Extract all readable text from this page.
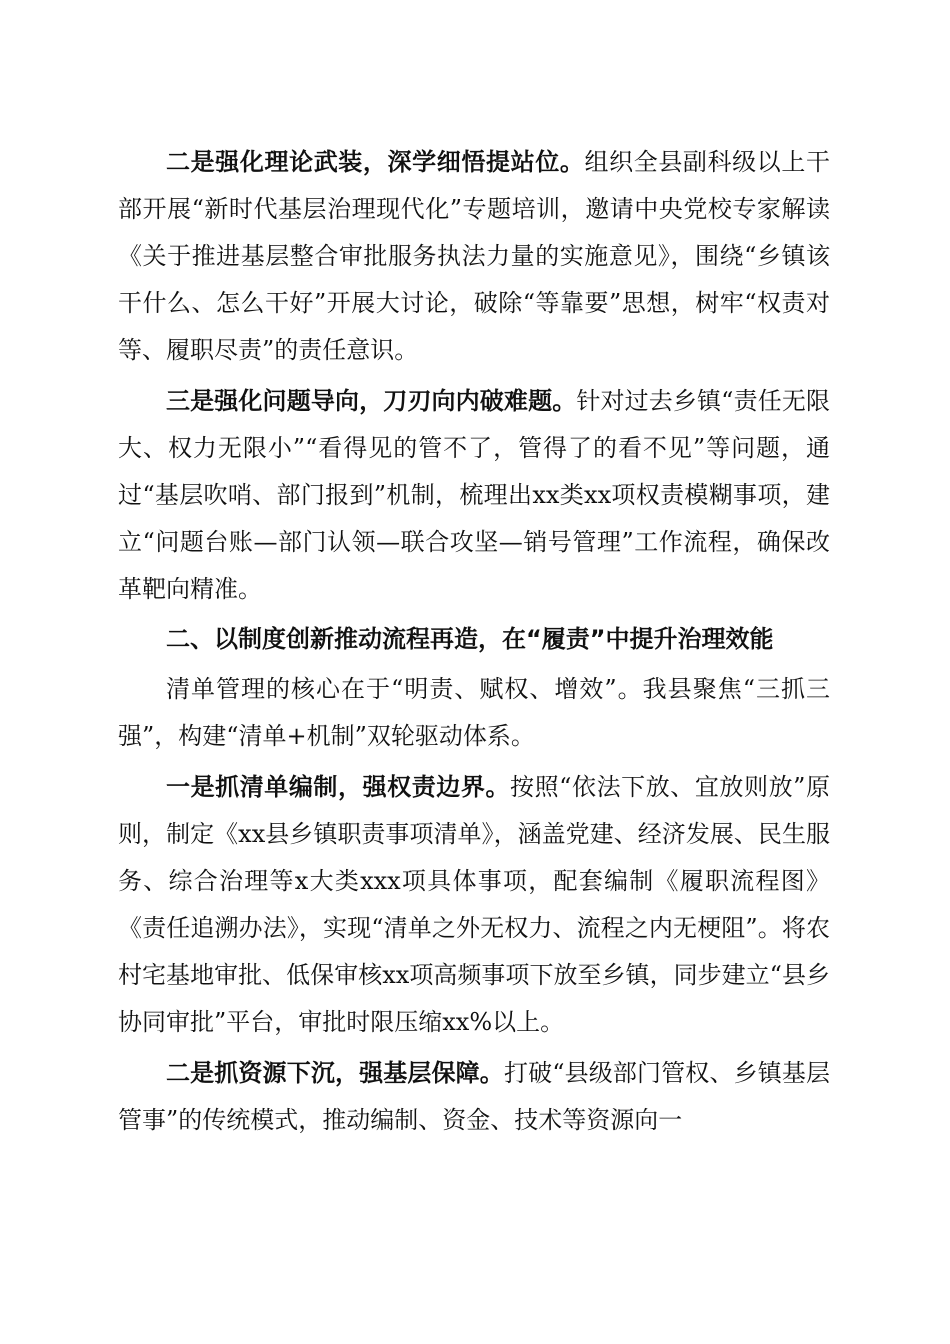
二是强化理论武装，深学细悟提站位。组织全县副科级以上干部开展“新时代基层治理现代化”专题培训，邀请中央党校专家解读《关于推进基层整合审批服务执法力量的实施意见》，围绕“乡镇该干什么、怎么干好”开展大讨论，破除“等靠要”思想，树牢“权责对等、履职尽责”的责任意识。

三是强化问题导向，刀刃向内破难题。针对过去乡镇“责任无限大、权力无限小”“看得见的管不了，管得了的看不见”等问题，通过“基层吹哨、部门报到”机制，梳理出xx类xx项权责模糊事项，建立“问题台账—部门认领—联合攻坚—销号管理”工作流程，确保改革靶向精准。

二、以制度创新推动流程再造，在“履责”中提升治理效能

清单管理的核心在于“明责、赋权、增效”。我县聚焦“三抓三强”，构建“清单+机制”双轮驱动体系。

一是抓清单编制，强权责边界。按照“依法下放、宜放则放”原则，制定《xx县乡镇职责事项清单》，涵盖党建、经济发展、民生服务、综合治理等x大类xxx项具体事项，配套编制《履职流程图》《责任追溯办法》，实现“清单之外无权力、流程之内无梗阻”。将农村宅基地审批、低保审核xx项高频事项下放至乡镇，同步建立“县乡协同审批”平台，审批时限压缩xx%以上。

二是抓资源下沉，强基层保障。打破“县级部门管权、乡镇基层管事”的传统模式，推动编制、资金、技术等资源向一
